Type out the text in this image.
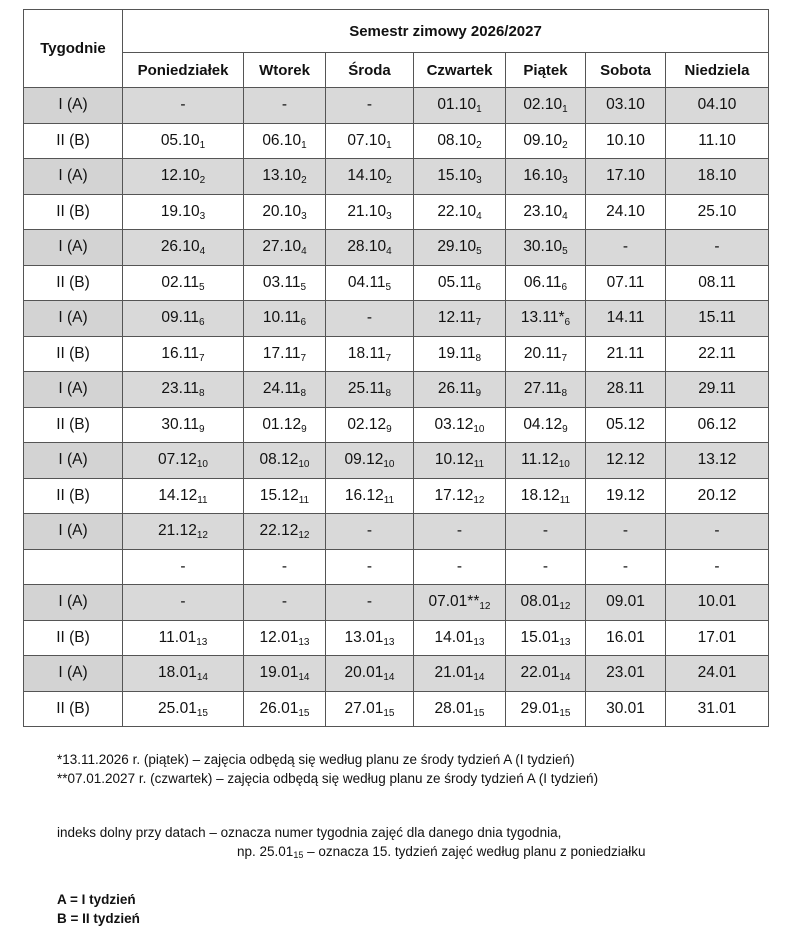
Tygodnie	Semestr zimowy 2026/2027						
	Poniedziałek	Wtorek	Środa	Czwartek	Piątek	Sobota	Niedziela
I (A)	-	-	-	$01.10_1$	$02.10_1$	03.10	04.10
II (B)	$05.10_1$	$06.10_1$	$07.10_1$	$08.10_2$	$09.10_2$	10.10	11.10
I (A)	$12.10_2$	$13.10_2$	$14.10_2$	$15.10_3$	$16.10_3$	17.10	18.10
II (B)	$19.10_3$	$20.10_3$	$21.10_3$	$22.10_4$	$23.10_4$	24.10	25.10
I (A)	$26.10_4$	$27.10_4$	$28.10_4$	$29.10_5$	$30.10_5$	-	-
II (B)	$02.11_5$	$03.11_5$	$04.11_5$	$05.11_6$	$06.11_6$	07.11	08.11
I (A)	$09.11_6$	$10.11_6$	-	$12.11_7$	$13.11*_6$	14.11	15.11
II (B)	$16.11_7$	$17.11_7$	$18.11_7$	$19.11_8$	$20.11_7$	21.11	22.11
I (A)	$23.11_8$	$24.11_8$	$25.11_8$	$26.11_9$	$27.11_8$	28.11	29.11
II (B)	$30.11_9$	$01.12_9$	$02.12_9$	$03.12_{10}$	$04.12_9$	05.12	06.12
I (A)	$07.12_{10}$	$08.12_{10}$	$09.12_{10}$	$10.12_{11}$	$11.12_{10}$	12.12	13.12
II (B)	$14.12_{11}$	$15.12_{11}$	$16.12_{11}$	$17.12_{12}$	$18.12_{11}$	19.12	20.12
I (A)	$21.12_{12}$	$22.12_{12}$	-	-	-	-	-
	-	-	-	-	-	-	-
I (A)	-	-	-	$07.01**_{12}$	$08.01_{12}$	09.01	10.01
II (B)	$11.01_{13}$	$12.01_{13}$	$13.01_{13}$	$14.01_{13}$	$15.01_{13}$	16.01	17.01
I (A)	$18.01_{14}$	$19.01_{14}$	$20.01_{14}$	$21.01_{14}$	$22.01_{14}$	23.01	24.01
II (B)	$25.01_{15}$	$26.01_{15}$	$27.01_{15}$	$28.01_{15}$	$29.01_{15}$	30.01	31.01

*13.11.2026 r. (piątek) – zajęcia odbędą się według planu ze środy tydzień A (I tydzień)

**07.01.2027 r. (czwartek) – zajęcia odbędą się według planu ze środy tydzień A (I tydzień)

indeks dolny przy datach – oznacza numer tygodnia zajęć dla danego dnia tygodnia,

np. $25.01_{15}$ – oznacza 15. tydzień zajęć według planu z poniedziałku

A = I tydzień

B = II tydzień
